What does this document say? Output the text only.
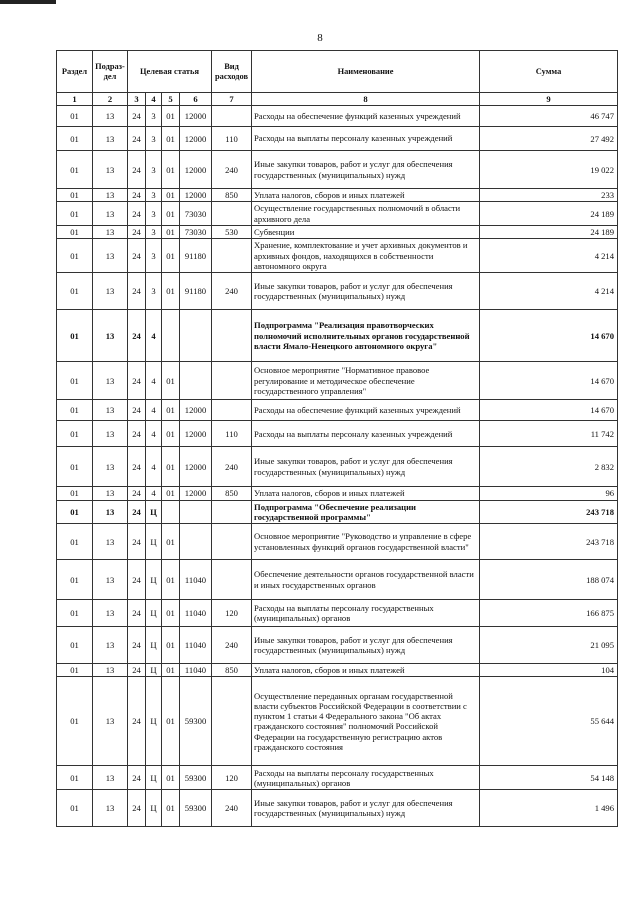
8
Раздел	Подраз-дел	Целевая статья				Вид расходов	Наименование	Сумма
1	2	3	4	5	6	7	8	9
01	13	24	3	01	12000		Расходы на обеспечение функций казенных учреждений	46 747
01	13	24	3	01	12000	110	Расходы на выплаты персоналу казенных учреждений	27 492
01	13	24	3	01	12000	240	Иные закупки товаров, работ и услуг для обеспечения государственных (муниципальных) нужд	19 022
01	13	24	3	01	12000	850	Уплата налогов, сборов и иных платежей	233
01	13	24	3	01	73030		Осуществление государственных полномочий в области архивного дела	24 189
01	13	24	3	01	73030	530	Субвенции	24 189
01	13	24	3	01	91180		Хранение, комплектование и учет архивных документов и архивных фондов, находящихся в собственности автономного округа	4 214
01	13	24	3	01	91180	240	Иные закупки товаров, работ и услуг для обеспечения государственных (муниципальных) нужд	4 214
01	13	24	4				Подпрограмма "Реализация правотворческих полномочий исполнительных органов государственной власти Ямало-Ненецкого автономного округа"	14 670
01	13	24	4	01			Основное мероприятие "Нормативное правовое регулирование и методическое обеспечение государственного управления"	14 670
01	13	24	4	01	12000		Расходы на обеспечение функций казенных учреждений	14 670
01	13	24	4	01	12000	110	Расходы на выплаты персоналу казенных учреждений	11 742
01	13	24	4	01	12000	240	Иные закупки товаров, работ и услуг для обеспечения государственных (муниципальных) нужд	2 832
01	13	24	4	01	12000	850	Уплата налогов, сборов и иных платежей	96
01	13	24	Ц				Подпрограмма "Обеспечение реализации государственной программы"	243 718
01	13	24	Ц	01			Основное мероприятие "Руководство и управление в сфере установленных функций органов государственной власти"	243 718
01	13	24	Ц	01	11040		Обеспечение деятельности органов государственной власти и иных государственных органов	188 074
01	13	24	Ц	01	11040	120	Расходы на выплаты персоналу государственных (муниципальных) органов	166 875
01	13	24	Ц	01	11040	240	Иные закупки товаров, работ и услуг для обеспечения государственных (муниципальных) нужд	21 095
01	13	24	Ц	01	11040	850	Уплата налогов, сборов и иных платежей	104
01	13	24	Ц	01	59300		Осуществление переданных органам государственной власти субъектов Российской Федерации в соответствии с пунктом 1 статьи 4 Федерального закона "Об актах гражданского состояния" полномочий Российской Федерации на государственную регистрацию актов гражданского состояния	55 644
01	13	24	Ц	01	59300	120	Расходы на выплаты персоналу государственных (муниципальных) органов	54 148
01	13	24	Ц	01	59300	240	Иные закупки товаров, работ и услуг для обеспечения государственных (муниципальных) нужд	1 496
